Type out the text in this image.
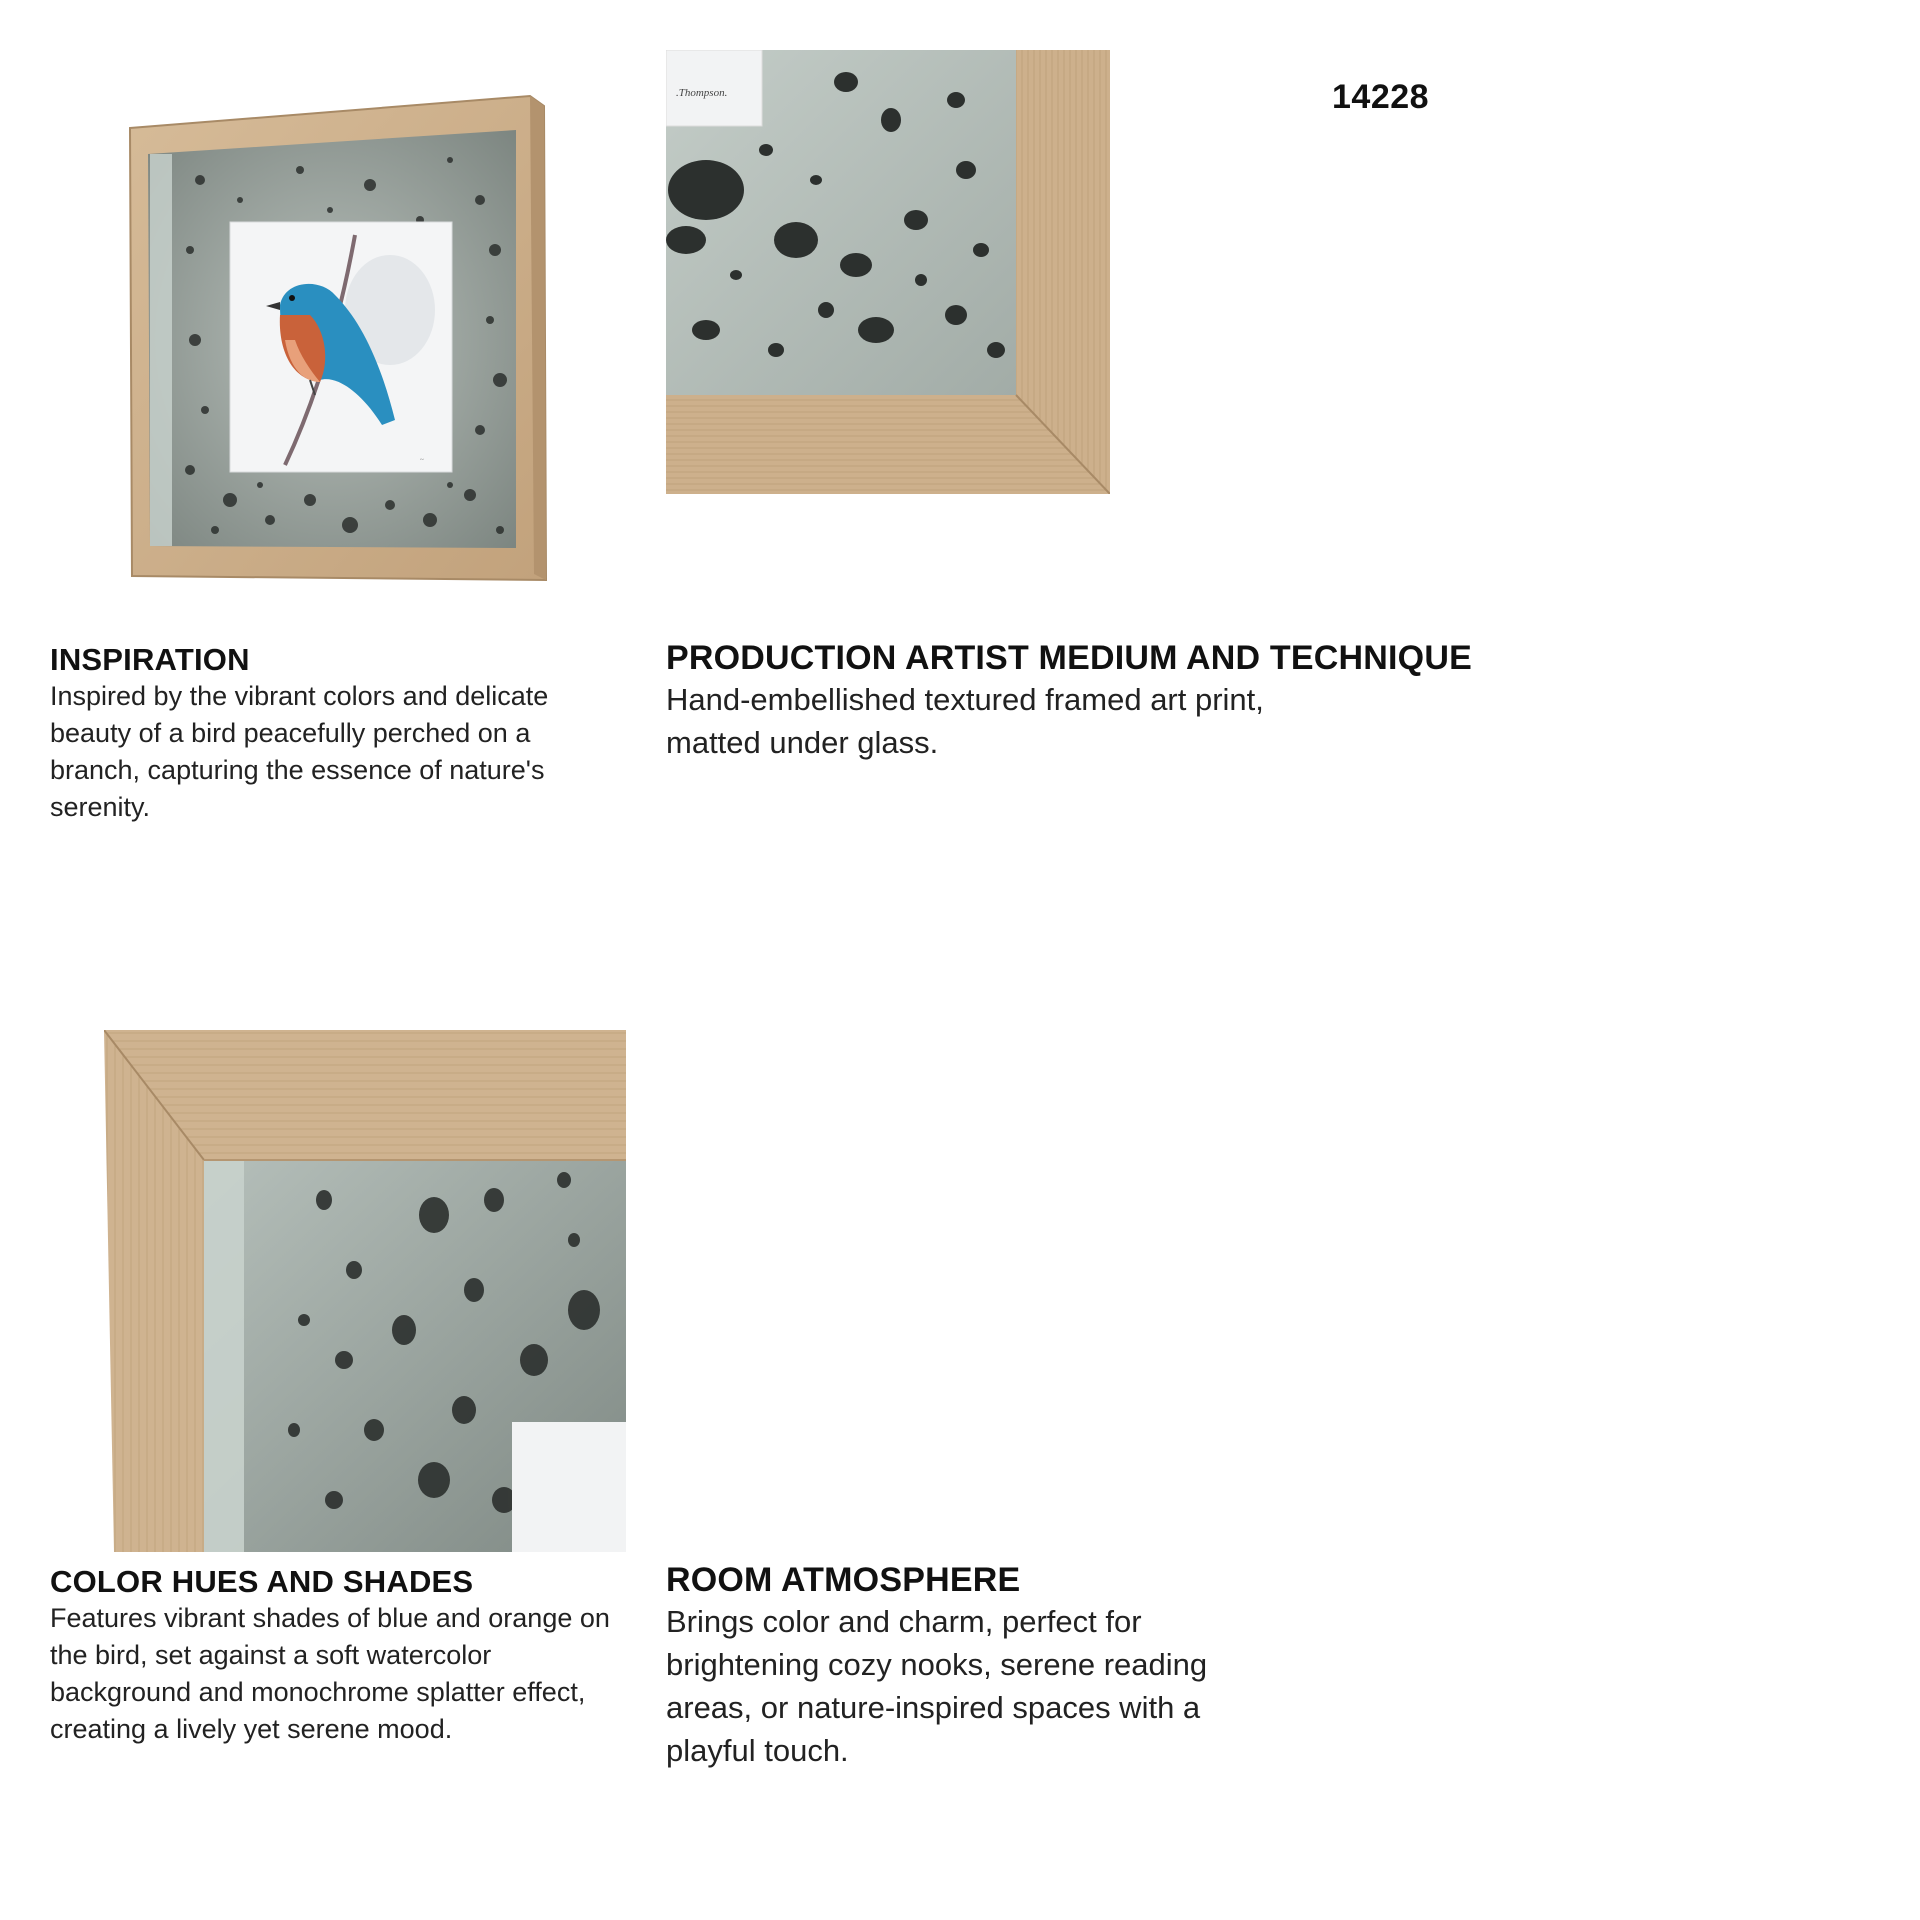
14228
~
.Thompson.
INSPIRATION
Inspired by the vibrant colors and delicate beauty of a bird peacefully perched on a branch, capturing the essence of nature's serenity.
PRODUCTION ARTIST MEDIUM AND TECHNIQUE
Hand-embellished textured framed art print, matted under glass.
COLOR HUES AND SHADES
Features vibrant shades of blue and orange on the bird, set against a soft watercolor background and monochrome splatter effect, creating a lively yet serene mood.
ROOM ATMOSPHERE
Brings color and charm, perfect for brightening cozy nooks, serene reading areas, or nature-inspired spaces with a playful touch.
